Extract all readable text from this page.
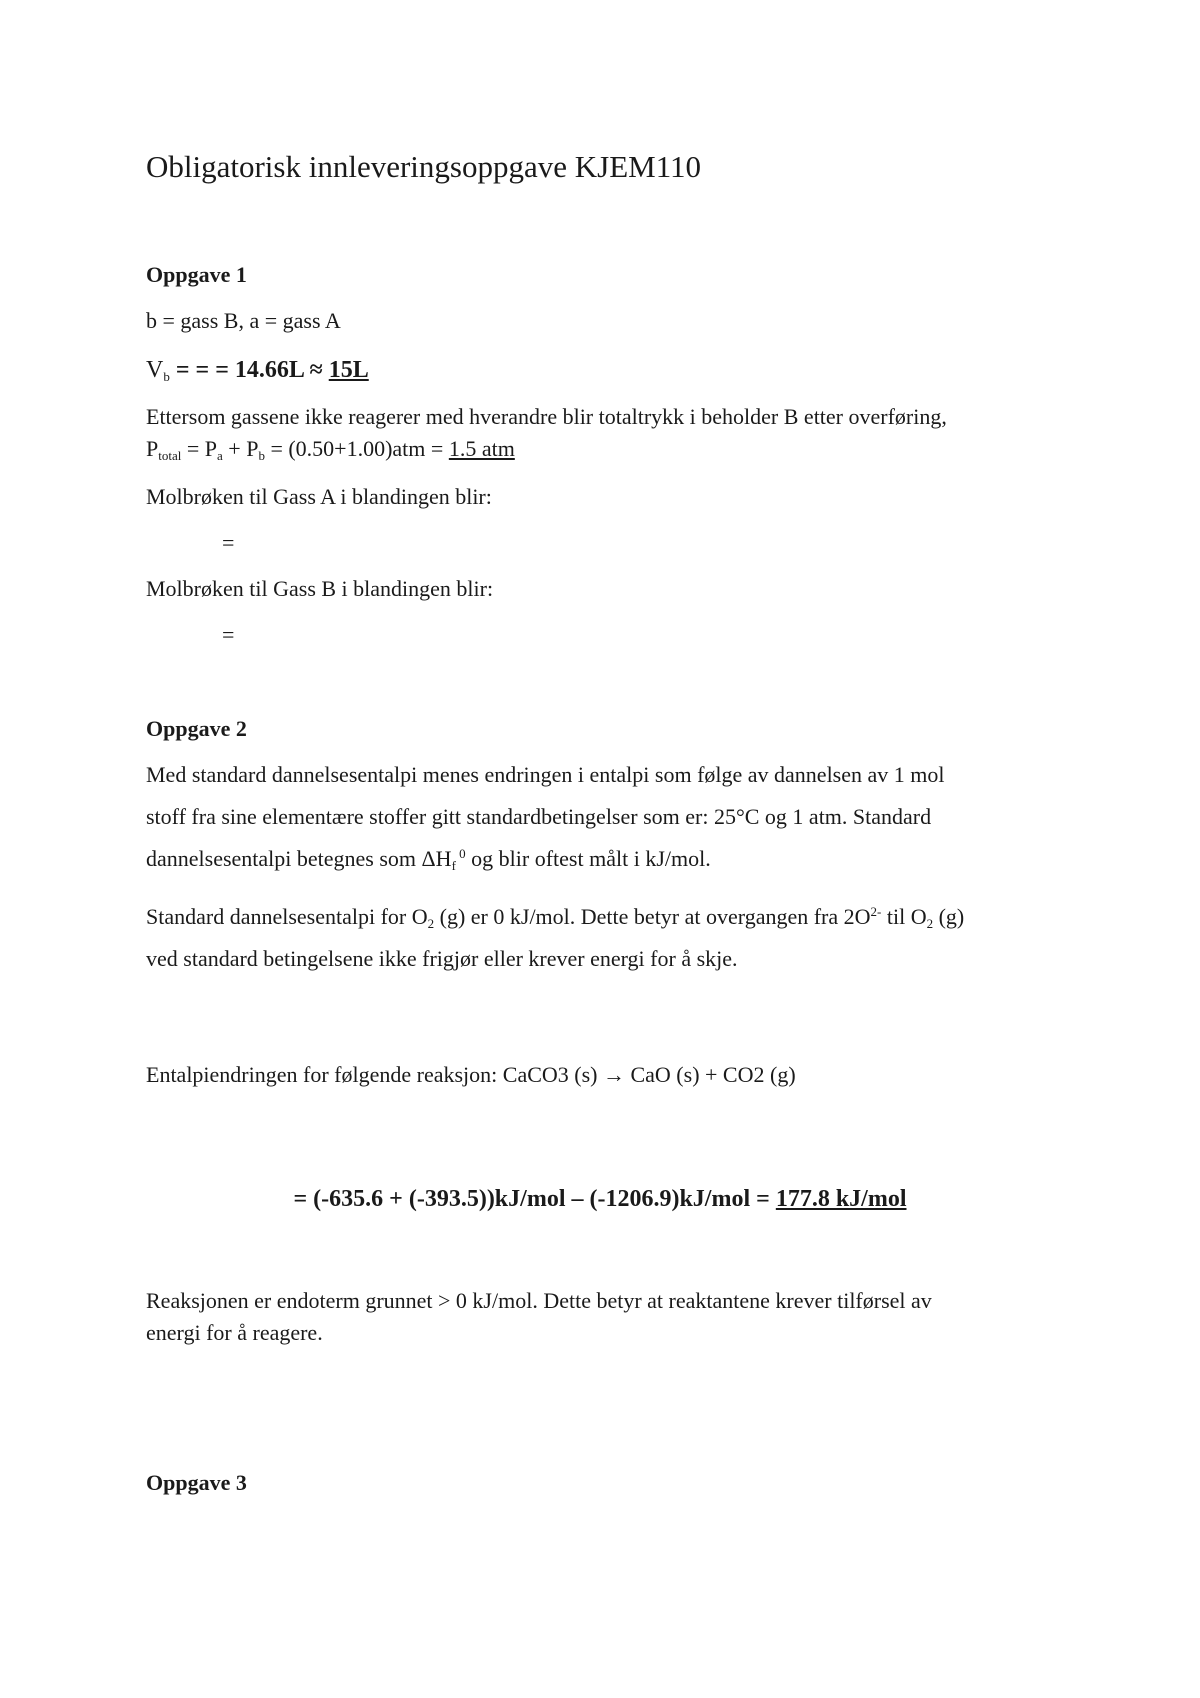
Obligatorisk innleveringsoppgave KJEM110
Oppgave 1
b = gass B, a = gass A
$V_b$ = = = 14.66L ≈ 15L
Ettersom gassene ikke reagerer med hverandre blir totaltrykk i beholder B etter overføring,
$P_{total} = P_a + P_b = (0.50+1.00)atm = 1.5$ atm
Molbrøken til Gass A i blandingen blir:
=
Molbrøken til Gass B i blandingen blir:
=
Oppgave 2
Med standard dannelsesentalpi menes endringen i entalpi som følge av dannelsen av 1 mol
stoff fra sine elementære stoffer gitt standardbetingelser som er: 25°C og 1 atm. Standard
dannelsesentalpi betegnes som $\Delta H_f$ $^0$ og blir oftest målt i kJ/mol.
Standard dannelsesentalpi for $O_2$ (g) er 0 kJ/mol. Dette betyr at overgangen fra $2O^{2-}$ til $O_2$ (g)
ved standard betingelsene ikke frigjør eller krever energi for å skje.
Entalpiendringen for følgende reaksjon: CaCO3 (s) → CaO (s) + CO2 (g)
= (-635.6 + (-393.5))kJ/mol – (-1206.9)kJ/mol = 177.8 kJ/mol
Reaksjonen er endoterm grunnet > 0 kJ/mol. Dette betyr at reaktantene krever tilførsel av
energi for å reagere.
Oppgave 3
